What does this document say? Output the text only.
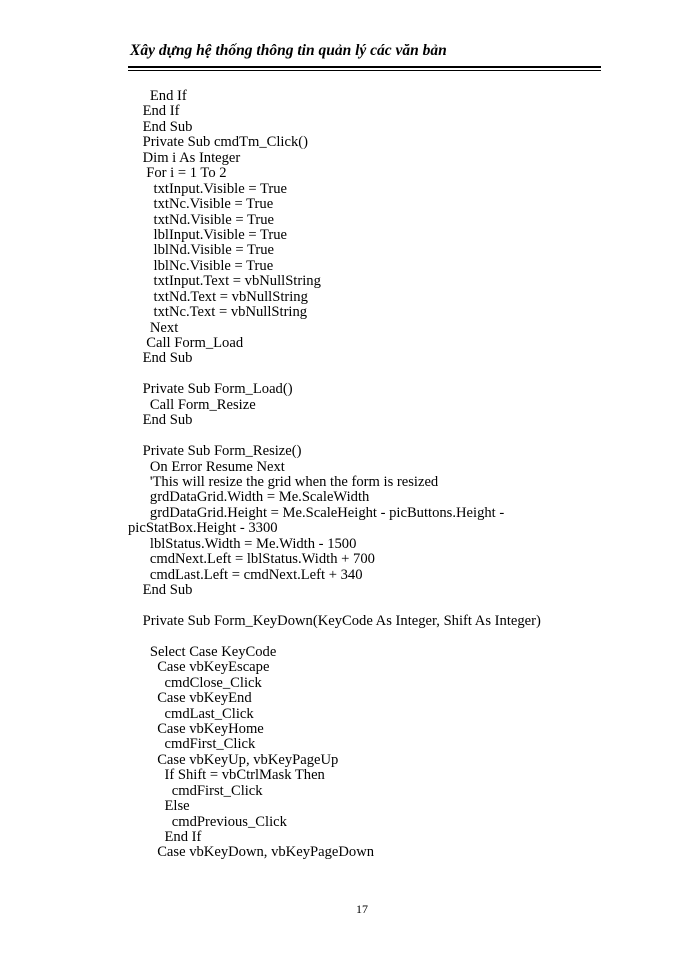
Xây dựng hệ thống thông tin quản lý các văn bản
End If
End If
End Sub
Private Sub cmdTm_Click()
Dim i As Integer
For i = 1 To 2
txtInput.Visible = True
txtNc.Visible = True
txtNd.Visible = True
lblInput.Visible = True
lblNd.Visible = True
lblNc.Visible = True
txtInput.Text = vbNullString
txtNd.Text = vbNullString
txtNc.Text = vbNullString
Next
Call Form_Load
End Sub
Private Sub Form_Load()
Call Form_Resize
End Sub
Private Sub Form_Resize()
On Error Resume Next
'This will resize the grid when the form is resized
grdDataGrid.Width = Me.ScaleWidth
grdDataGrid.Height = Me.ScaleHeight - picButtons.Height -
picStatBox.Height - 3300
lblStatus.Width = Me.Width - 1500
cmdNext.Left = lblStatus.Width + 700
cmdLast.Left = cmdNext.Left + 340
End Sub
Private Sub Form_KeyDown(KeyCode As Integer, Shift As Integer)
Select Case KeyCode
Case vbKeyEscape
cmdClose_Click
Case vbKeyEnd
cmdLast_Click
Case vbKeyHome
cmdFirst_Click
Case vbKeyUp, vbKeyPageUp
If Shift = vbCtrlMask Then
cmdFirst_Click
Else
cmdPrevious_Click
End If
Case vbKeyDown, vbKeyPageDown
17
